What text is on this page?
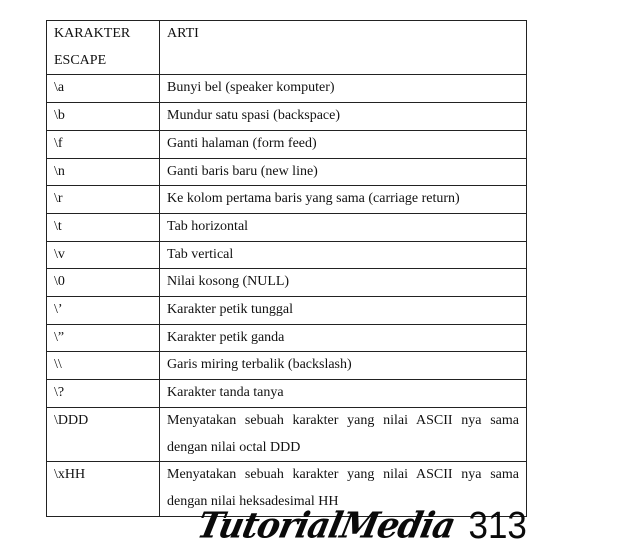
KARAKTER ESCAPE	ARTI
\a	Bunyi bel (speaker komputer)
\b	Mundur satu spasi (backspace)
\f	Ganti halaman (form feed)
\n	Ganti baris baru (new line)
\r	Ke kolom pertama baris yang sama (carriage return)
\t	Tab horizontal
\v	Tab vertical
\0	Nilai kosong (NULL)
\’	Karakter petik tunggal
\”	Karakter petik ganda
\\	Garis miring terbalik (backslash)
\?	Karakter tanda tanya
\DDD	Menyatakan sebuah karakter yang nilai ASCII nya sama dengan nilai octal DDD
\xHH	Menyatakan sebuah karakter yang nilai ASCII nya sama dengan nilai heksadesimal HH
TutorialMedia 313
